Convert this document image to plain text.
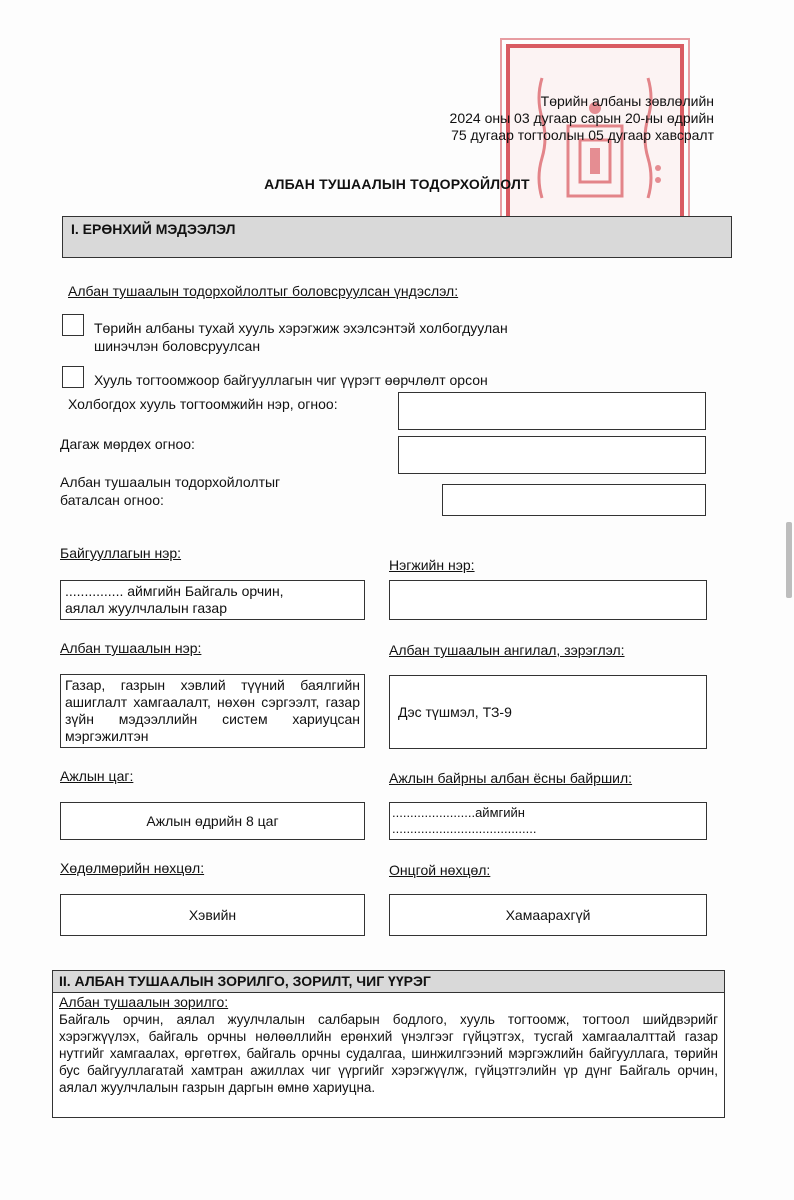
Төрийн албаны зөвлөлийн
2024 оны 03 дугаар сарын 20-ны өдрийн
75 дугаар тогтоолын 05 дугаар хавсралт
АЛБАН ТУШААЛЫН ТОДОРХОЙЛОЛТ
I. ЕРӨНХИЙ МЭДЭЭЛЭЛ
Албан тушаалын тодорхойлолтыг боловсруулсан үндэслэл:
Төрийн албаны тухай хууль хэрэгжиж эхэлсэнтэй холбогдуулан
шинэчлэн боловсруулсан
Хууль тогтоомжоор байгууллагын чиг үүрэгт өөрчлөлт орсон
Холбогдох хууль тогтоомжийн нэр, огноо:
Дагаж мөрдөх огноо:
Албан тушаалын тодорхойлолтыг
баталсан огноо:
Байгууллагын нэр:
............... аймгийн Байгаль орчин,
аялал жуулчлалын газар
Нэгжийн нэр:
Албан тушаалын нэр:
Газар, газрын хэвлий түүний баялгийн ашиглалт хамгаалалт, нөхөн сэргээлт, газар зүйн мэдээллийн систем хариуцсан мэргэжилтэн
Албан тушаалын ангилал, зэрэглэл:
Дэс түшмэл, ТЗ-9
Ажлын цаг:
Ажлын өдрийн 8 цаг
Ажлын байрны албан ёсны байршил:
.......................аймгийн
........................................
Хөдөлмөрийн нөхцөл:
Хэвийн
Онцгой нөхцөл:
Хамаарахгүй
II. АЛБАН ТУШААЛЫН ЗОРИЛГО, ЗОРИЛТ, ЧИГ ҮҮРЭГ
Албан тушаалын зорилго:
Байгаль орчин, аялал жуулчлалын салбарын бодлого, хууль тогтоомж, тогтоол шийдвэрийг хэрэгжүүлэх, байгаль орчны нөлөөллийн ерөнхий үнэлгээг гүйцэтгэх, тусгай хамгаалалттай газар нутгийг хамгаалах, өргөтгөх, байгаль орчны судалгаа, шинжилгээний мэргэжлийн байгууллага, төрийн бус байгууллагатай хамтран ажиллах чиг үүргийг хэрэгжүүлж, гүйцэтгэлийн үр дүнг Байгаль орчин, аялал жуулчлалын газрын даргын өмнө хариуцна.
